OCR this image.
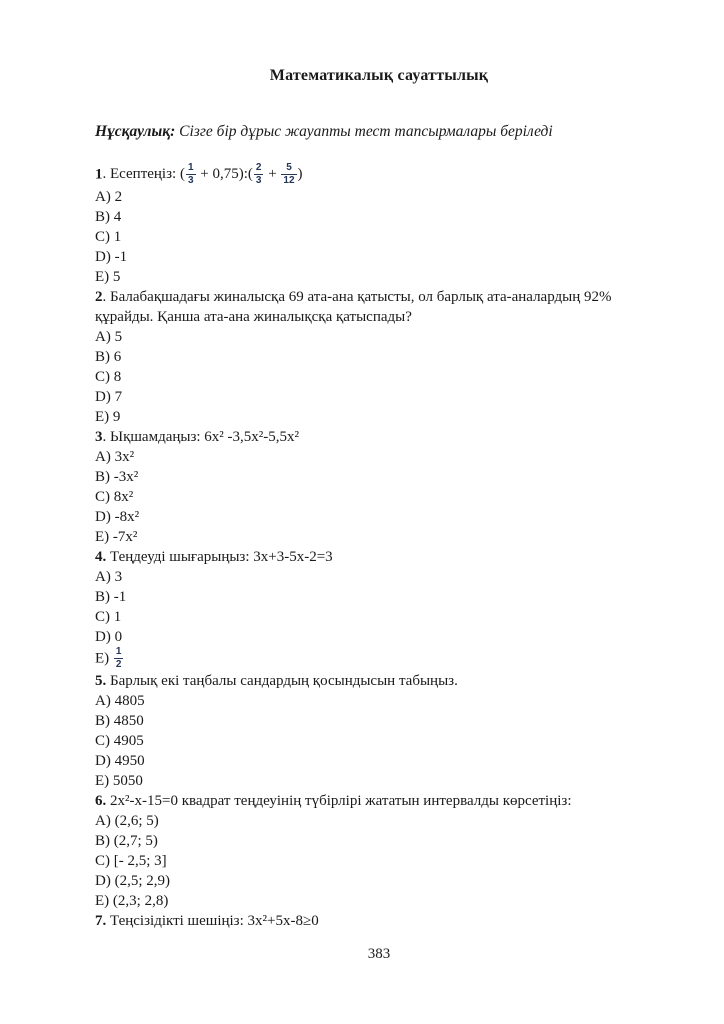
Математикалық сауаттылық
Нұсқаулық: Сізге бір дұрыс жауапты тест тапсырмалары беріледі
1. Есептеңіз: ( $\frac{1}{3}$ + 0,75):( $\frac{2}{3} + \frac{5}{12}$ )
A) 2
B) 4
C) 1
D) -1
E) 5
2. Балабақшадағы жиналысқа 69 ата-ана қатысты, ол барлық ата-аналардың 92% құрайды. Қанша ата-ана жиналықсқа қатыспады?
A) 5
B) 6
C) 8
D) 7
E) 9
3. Ықшамдаңыз: 6x² -3,5x²-5,5x²
A) 3x²
B) -3x²
C) 8x²
D) -8x²
E) -7x²
4. Теңдеуді шығарыңыз: 3x+3-5x-2=3
A) 3
B) -1
C) 1
D) 0
$E) \frac{1}{2}$
5. Барлық екі таңбалы сандардың қосындысын табыңыз.
A) 4805
B) 4850
C) 4905
D) 4950
E) 5050
6. 2x²-x-15=0 квадрат теңдеуінің түбірлірі жататын интервалды көрсетіңіз:
A) (2,6; 5)
B) (2,7; 5)
C) [- 2,5; 3]
D) (2,5; 2,9)
E) (2,3; 2,8)
7. Теңсізідікті шешіңіз: 3x²+5x-8≥0
383
